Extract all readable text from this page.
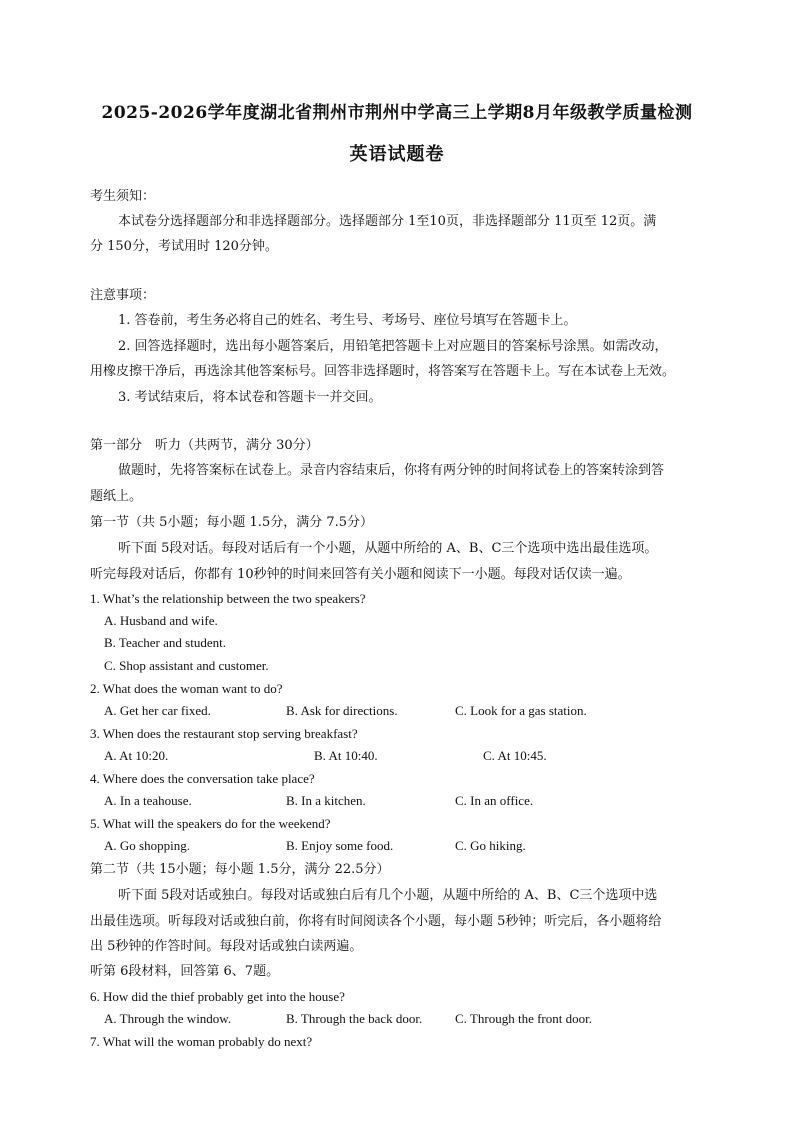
2025-2026学年度湖北省荆州市荆州中学高三上学期8月年级教学质量检测
英语试题卷
考生须知：
本试卷分选择题部分和非选择题部分。选择题部分 1至10页，非选择题部分 11页至 12页。满
分 150分，考试用时 120分钟。
注意事项：
1. 答卷前，考生务必将自己的姓名、考生号、考场号、座位号填写在答题卡上。
2. 回答选择题时，选出每小题答案后，用铅笔把答题卡上对应题目的答案标号涂黑。如需改动，
用橡皮擦干净后，再选涂其他答案标号。回答非选择题时，将答案写在答题卡上。写在本试卷上无效。
3. 考试结束后，将本试卷和答题卡一并交回。
第一部分　听力（共两节，满分 30分）
做题时，先将答案标在试卷上。录音内容结束后，你将有两分钟的时间将试卷上的答案转涂到答
题纸上。
第一节（共 5小题；每小题 1.5分，满分 7.5分）
听下面 5段对话。每段对话后有一个小题，从题中所给的 A、B、C三个选项中选出最佳选项。
听完每段对话后，你都有 10秒钟的时间来回答有关小题和阅读下一小题。每段对话仅读一遍。
1. What’s the relationship between the two speakers?
A. Husband and wife.
B. Teacher and student.
C. Shop assistant and customer.
2. What does the woman want to do?
A. Get her car fixed.	B. Ask for directions.	C. Look for a gas station.
3. When does the restaurant stop serving breakfast?
A. At 10:20.	B. At 10:40.	C. At 10:45.
4. Where does the conversation take place?
A. In a teahouse.	B. In a kitchen.	C. In an office.
5. What will the speakers do for the weekend?
A. Go shopping.	B. Enjoy some food.	C. Go hiking.
第二节（共 15小题；每小题 1.5分，满分 22.5分）
听下面 5段对话或独白。每段对话或独白后有几个小题，从题中所给的 A、B、C三个选项中选
出最佳选项。听每段对话或独白前，你将有时间阅读各个小题，每小题 5秒钟；听完后，各小题将给
出 5秒钟的作答时间。每段对话或独白读两遍。
听第 6段材料，回答第 6、7题。
6. How did the thief probably get into the house?
A. Through the window.	B. Through the back door.	C. Through the front door.
7. What will the woman probably do next?
